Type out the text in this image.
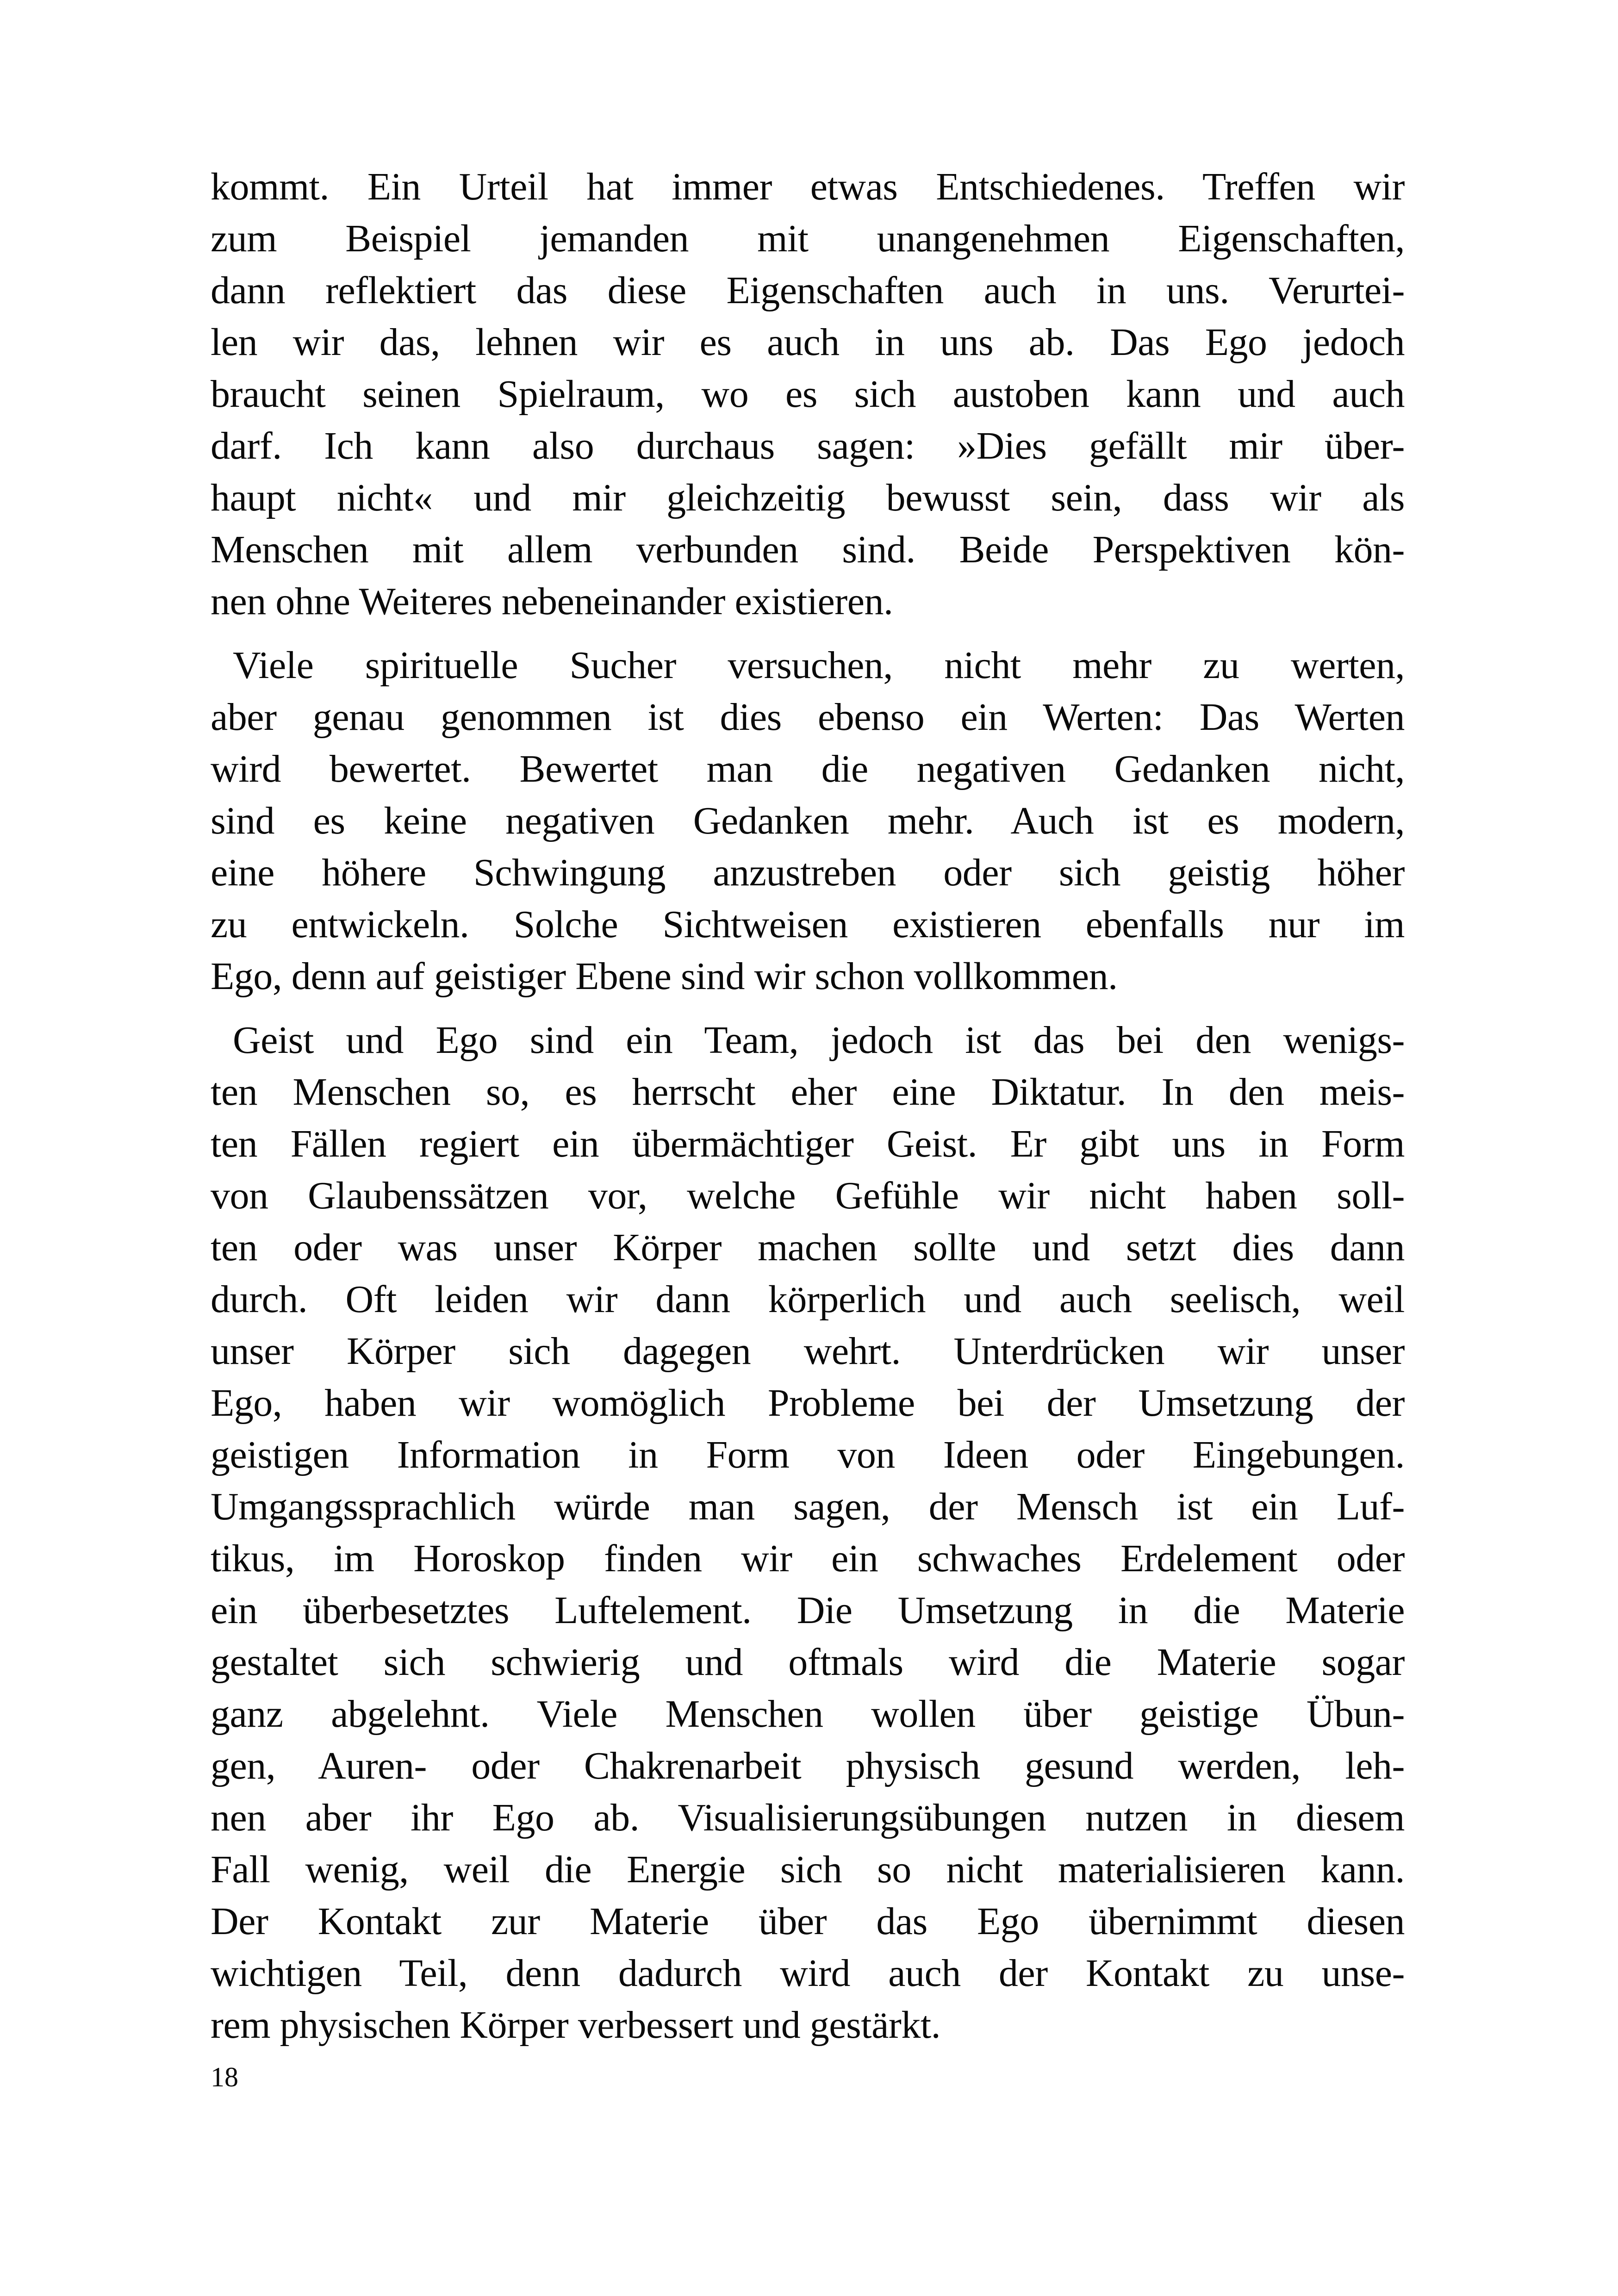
kommt. Ein Urteil hat immer etwas Entschiedenes. Treffen wir
zum Beispiel jemanden mit unangenehmen Eigenschaften,
dann reflektiert das diese Eigenschaften auch in uns. Verurtei-
len wir das, lehnen wir es auch in uns ab. Das Ego jedoch
braucht seinen Spielraum, wo es sich austoben kann und auch
darf. Ich kann also durchaus sagen: »Dies gefällt mir über-
haupt nicht« und mir gleichzeitig bewusst sein, dass wir als
Menschen mit allem verbunden sind. Beide Perspektiven kön-
nen ohne Weiteres nebeneinander existieren.
Viele spirituelle Sucher versuchen, nicht mehr zu werten,
aber genau genommen ist dies ebenso ein Werten: Das Werten
wird bewertet. Bewertet man die negativen Gedanken nicht,
sind es keine negativen Gedanken mehr. Auch ist es modern,
eine höhere Schwingung anzustreben oder sich geistig höher
zu entwickeln. Solche Sichtweisen existieren ebenfalls nur im
Ego, denn auf geistiger Ebene sind wir schon vollkommen.
Geist und Ego sind ein Team, jedoch ist das bei den wenigs-
ten Menschen so, es herrscht eher eine Diktatur. In den meis-
ten Fällen regiert ein übermächtiger Geist. Er gibt uns in Form
von Glaubenssätzen vor, welche Gefühle wir nicht haben soll-
ten oder was unser Körper machen sollte und setzt dies dann
durch. Oft leiden wir dann körperlich und auch seelisch, weil
unser Körper sich dagegen wehrt. Unterdrücken wir unser
Ego, haben wir womöglich Probleme bei der Umsetzung der
geistigen Information in Form von Ideen oder Eingebungen.
Umgangssprachlich würde man sagen, der Mensch ist ein Luf-
tikus, im Horoskop finden wir ein schwaches Erdelement oder
ein überbesetztes Luftelement. Die Umsetzung in die Materie
gestaltet sich schwierig und oftmals wird die Materie sogar
ganz abgelehnt. Viele Menschen wollen über geistige Übun-
gen, Auren- oder Chakrenarbeit physisch gesund werden, leh-
nen aber ihr Ego ab. Visualisierungsübungen nutzen in diesem
Fall wenig, weil die Energie sich so nicht materialisieren kann.
Der Kontakt zur Materie über das Ego übernimmt diesen
wichtigen Teil, denn dadurch wird auch der Kontakt zu unse-
rem physischen Körper verbessert und gestärkt.
18
